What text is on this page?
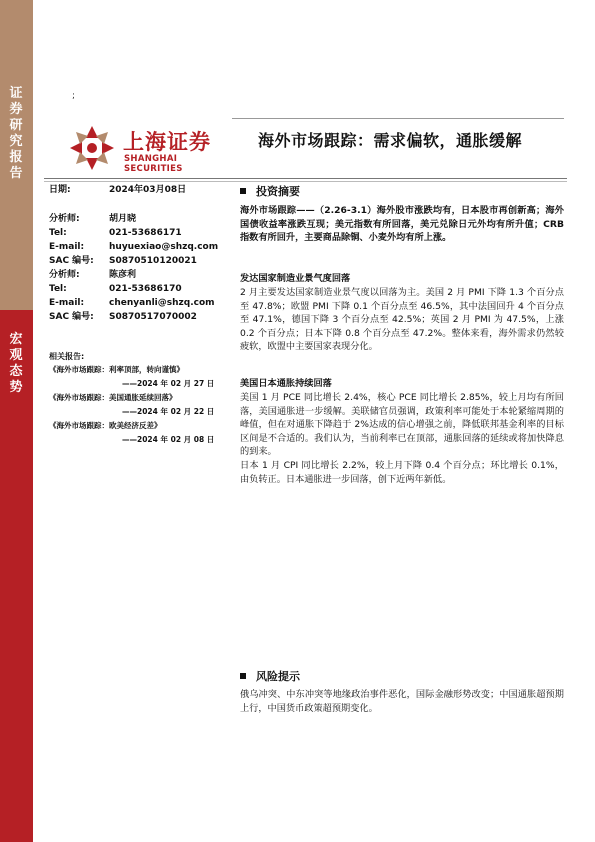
证券研究报告
宏观态势
;
上海证券
SHANGHAI SECURITIES
海外市场跟踪：需求偏软，通胀缓解
日期:	2024年03月08日
分析师:	胡月晓
Tel:	021-53686171
E-mail:	huyuexiao@shzq.com
SAC 编号: S0870510120021
分析师:	陈彦利
Tel:	021-53686170
E-mail:	chenyanli@shzq.com
SAC 编号: S0870517070002
相关报告:
《海外市场跟踪：利率顶部，转向谨慎》
——2024 年 02 月 27 日
《海外市场跟踪：美国通胀延续回落》
——2024 年 02 月 22 日
《海外市场跟踪：欧美经济反差》
——2024 年 02 月 08 日
投资摘要
海外市场跟踪——（2.26-3.1）海外股市涨跌均有，日本股市再创新高；海外国债收益率涨跌互现；美元指数有所回落，美元兑除日元外均有所升值；CRB 指数有所回升，主要商品除铜、小麦外均有所上涨。
发达国家制造业景气度回落
2 月主要发达国家制造业景气度以回落为主。美国 2 月 PMI 下降 1.3 个百分点至 47.8%；欧盟 PMI 下降 0.1 个百分点至 46.5%，其中法国回升 4 个百分点至 47.1%，德国下降 3 个百分点至 42.5%；英国 2 月 PMI 为 47.5%，上涨 0.2 个百分点；日本下降 0.8 个百分点至 47.2%。整体来看，海外需求仍然较疲软，欧盟中主要国家表现分化。
美国日本通胀持续回落
美国 1 月 PCE 同比增长 2.4%，核心 PCE 同比增长 2.85%，较上月均有所回落，美国通胀进一步缓解。美联储官员强调，政策利率可能处于本轮紧缩周期的峰值，但在对通胀下降趋于 2%达成的信心增强之前，降低联邦基金利率的目标区间是不合适的。我们认为，当前利率已在顶部，通胀回落的延续或将加快降息的到来。
日本 1 月 CPI 同比增长 2.2%，较上月下降 0.4 个百分点；环比增长 0.1%，由负转正。日本通胀进一步回落，创下近两年新低。
风险提示
俄乌冲突、中东冲突等地缘政治事件恶化，国际金融形势改变；中国通胀超预期上行，中国货币政策超预期变化。
